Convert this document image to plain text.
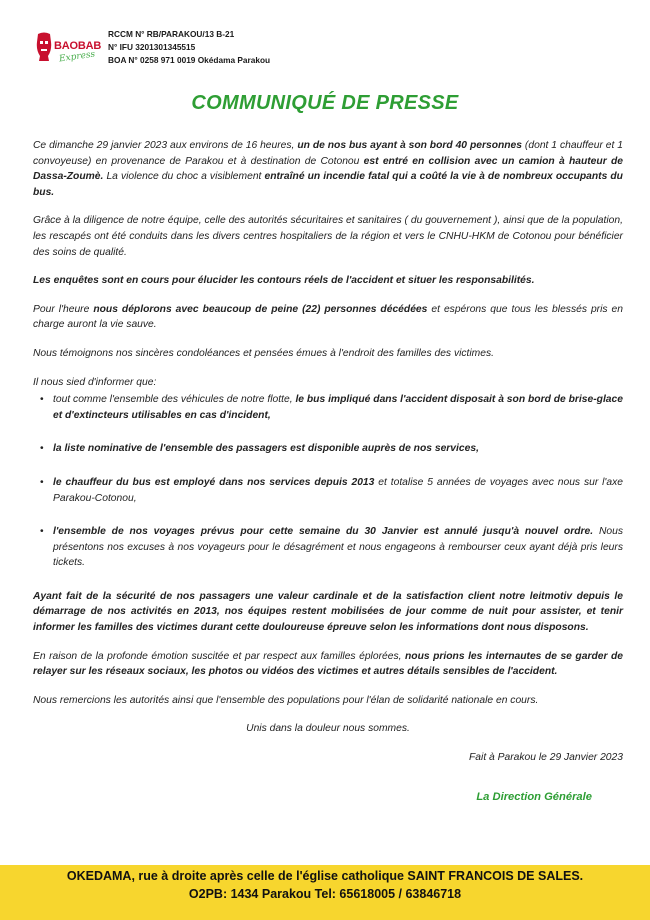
BAOBAB
Express
RCCM N° RB/PARAKOU/13 B-21
N° IFU 3201301345515
BOA N° 0258 971 0019 Okédama Parakou
COMMUNIQUÉ DE PRESSE

Ce dimanche 29 janvier 2023 aux environs de 16 heures, un de nos bus ayant à son bord 40 personnes (dont 1 chauffeur et 1 convoyeuse) en provenance de Parakou et à destination de Cotonou est entré en collision avec un camion à hauteur de Dassa-Zoumè. La violence du choc a visiblement entraîné un incendie fatal qui a coûté la vie à de nombreux occupants du bus.

Grâce à la diligence de notre équipe, celle des autorités sécuritaires et sanitaires ( du gouvernement ), ainsi que de la population, les rescapés ont été conduits dans les divers centres hospitaliers de la région et vers le CNHU-HKM de Cotonou pour bénéficier des soins de qualité.

Les enquêtes sont en cours pour élucider les contours réels de l'accident et situer les responsabilités.

Pour l'heure nous déplorons avec beaucoup de peine (22) personnes décédées et espérons que tous les blessés pris en charge auront la vie sauve.

Nous témoignons nos sincères condoléances et pensées émues à l'endroit des familles des victimes.

Il nous sied d'informer que:

• tout comme l'ensemble des véhicules de notre flotte, le bus impliqué dans l'accident disposait à son bord de brise-glace et d'extincteurs utilisables en cas d'incident,
• la liste nominative de l'ensemble des passagers est disponible auprès de nos services,
• le chauffeur du bus est employé dans nos services depuis 2013 et totalise 5 années de voyages avec nous sur l'axe Parakou-Cotonou,
• l'ensemble de nos voyages prévus pour cette semaine du 30 Janvier est annulé jusqu'à nouvel ordre. Nous présentons nos excuses à nos voyageurs pour le désagrément et nous engageons à rembourser ceux ayant déjà pris leurs tickets.

Ayant fait de la sécurité de nos passagers une valeur cardinale et de la satisfaction client notre leitmotiv depuis le démarrage de nos activités en 2013, nos équipes restent mobilisées de jour comme de nuit pour assister, et tenir informer les familles des victimes durant cette douloureuse épreuve selon les informations dont nous disposons.

En raison de la profonde émotion suscitée et par respect aux familles éplorées, nous prions les internautes de se garder de relayer sur les réseaux sociaux, les photos ou vidéos des victimes et autres détails sensibles de l'accident.

Nous remercions les autorités ainsi que l'ensemble des populations pour l'élan de solidarité nationale en cours.

Unis dans la douleur nous sommes.

Fait à Parakou le 29 Janvier 2023

La Direction Générale
OKEDAMA, rue à droite après celle de l'église catholique SAINT FRANCOIS DE SALES.
O2PB: 1434 Parakou Tel: 65618005 / 63846718
